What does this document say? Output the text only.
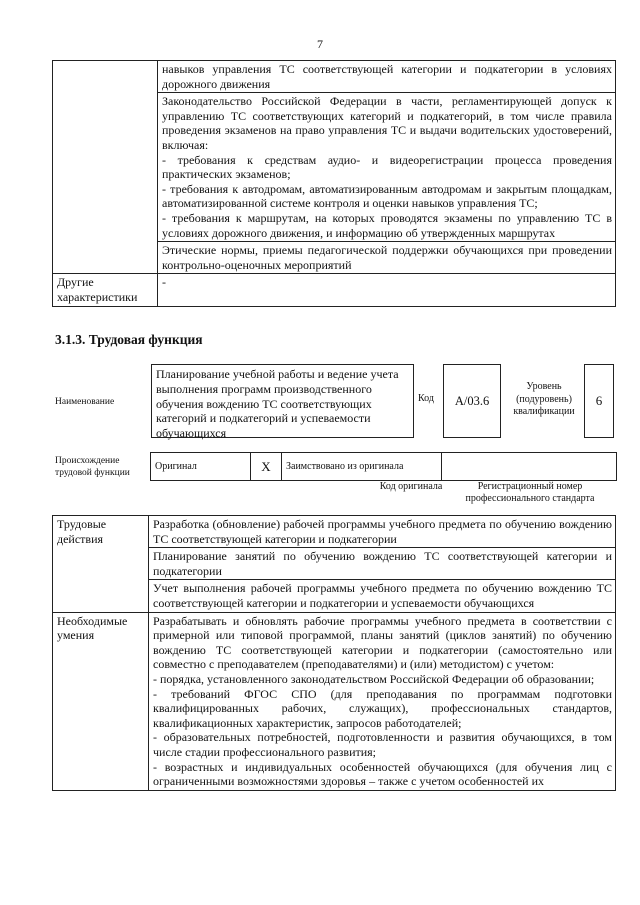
7
	навыков управления ТС соответствующей категории и подкатегории в условиях дорожного движения
	Законодательство Российской Федерации в части, регламентирующей допуск к управлению ТС соответствующих категорий и подкатегорий, в том числе правила проведения экзаменов на право управления ТС и выдачи водительских удостоверений, включая:
- требования к средствам аудио- и видеорегистрации процесса проведения практических экзаменов;
- требования к автодромам, автоматизированным автодромам и закрытым площадкам, автоматизированной системе контроля и оценки навыков управления ТС;
- требования к маршрутам, на которых проводятся экзамены по управлению ТС в условиях дорожного движения, и информацию об утвержденных маршрутах
	Этические нормы, приемы педагогической поддержки обучающихся при проведении контрольно-оценочных мероприятий
Другие характеристики	-
3.1.3. Трудовая функция
Наименование
Планирование учебной работы и ведение учета выполнения программ производственного обучения вождению ТС соответствующих категорий и подкатегорий и успеваемости обучающихся
Код	А/03.6
Уровень (подуровень) квалификации
6
Происхождение трудовой функции
Оригинал	X	Заимствовано из оригинала	
Код оригинала	Регистрационный номер профессионального стандарта
Трудовые действия	Разработка (обновление) рабочей программы учебного предмета по обучению вождению ТС соответствующей категории и подкатегории
	Планирование занятий по обучению вождению ТС соответствующей категории и подкатегории
	Учет выполнения рабочей программы учебного предмета по обучению вождению ТС соответствующей категории и подкатегории и успеваемости обучающихся
Необходимые умения	Разрабатывать и обновлять рабочие программы учебного предмета в соответствии с примерной или типовой программой, планы занятий (циклов занятий) по обучению вождению ТС соответствующей категории и подкатегории (самостоятельно или совместно с преподавателем (преподавателями) и (или) методистом) с учетом:
- порядка, установленного законодательством Российской Федерации об образовании;
- требований ФГОС СПО (для преподавания по программам подготовки квалифицированных рабочих, служащих), профессиональных стандартов, квалификационных характеристик, запросов работодателей;
- образовательных потребностей, подготовленности и развития обучающихся, в том числе стадии профессионального развития;
- возрастных и индивидуальных особенностей обучающихся (для обучения лиц с ограниченными возможностями здоровья – также с учетом особенностей их
